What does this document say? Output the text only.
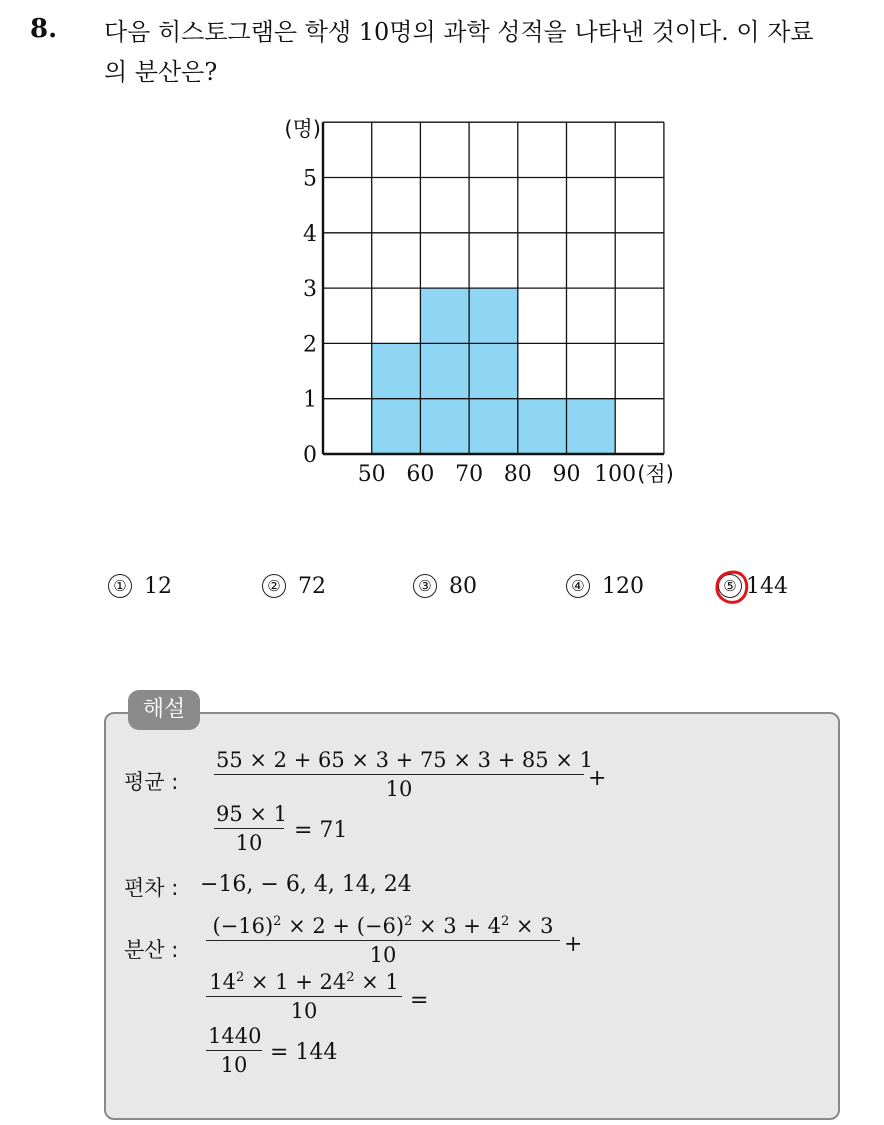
8. 다음 히스토그램은 학생 10명의 과학 성적을 나타낸 것이다. 이 자료
의 분산은?
0
1
2
3
4
5
50 60 70 80 90 100
(명)
(점)
① 12	② 72	③ 80	④ 120	⑤ 144
해설
평균 : $\frac{55 \times 2 + 65 \times 3 + 75 \times 3 + 85 \times 1}{10}$ +
$\frac{95 \times 1}{10} = 71$
편차 : −16, − 6, 4, 14, 24
분산 : $\frac{(-16)^2 \times 2 + (-6)^2 \times 3 + 4^2 \times 3}{10}$ +
$\frac{14^2 \times 1 + 24^2 \times 1}{10}$ =
$\frac{1440}{10} = 144$
